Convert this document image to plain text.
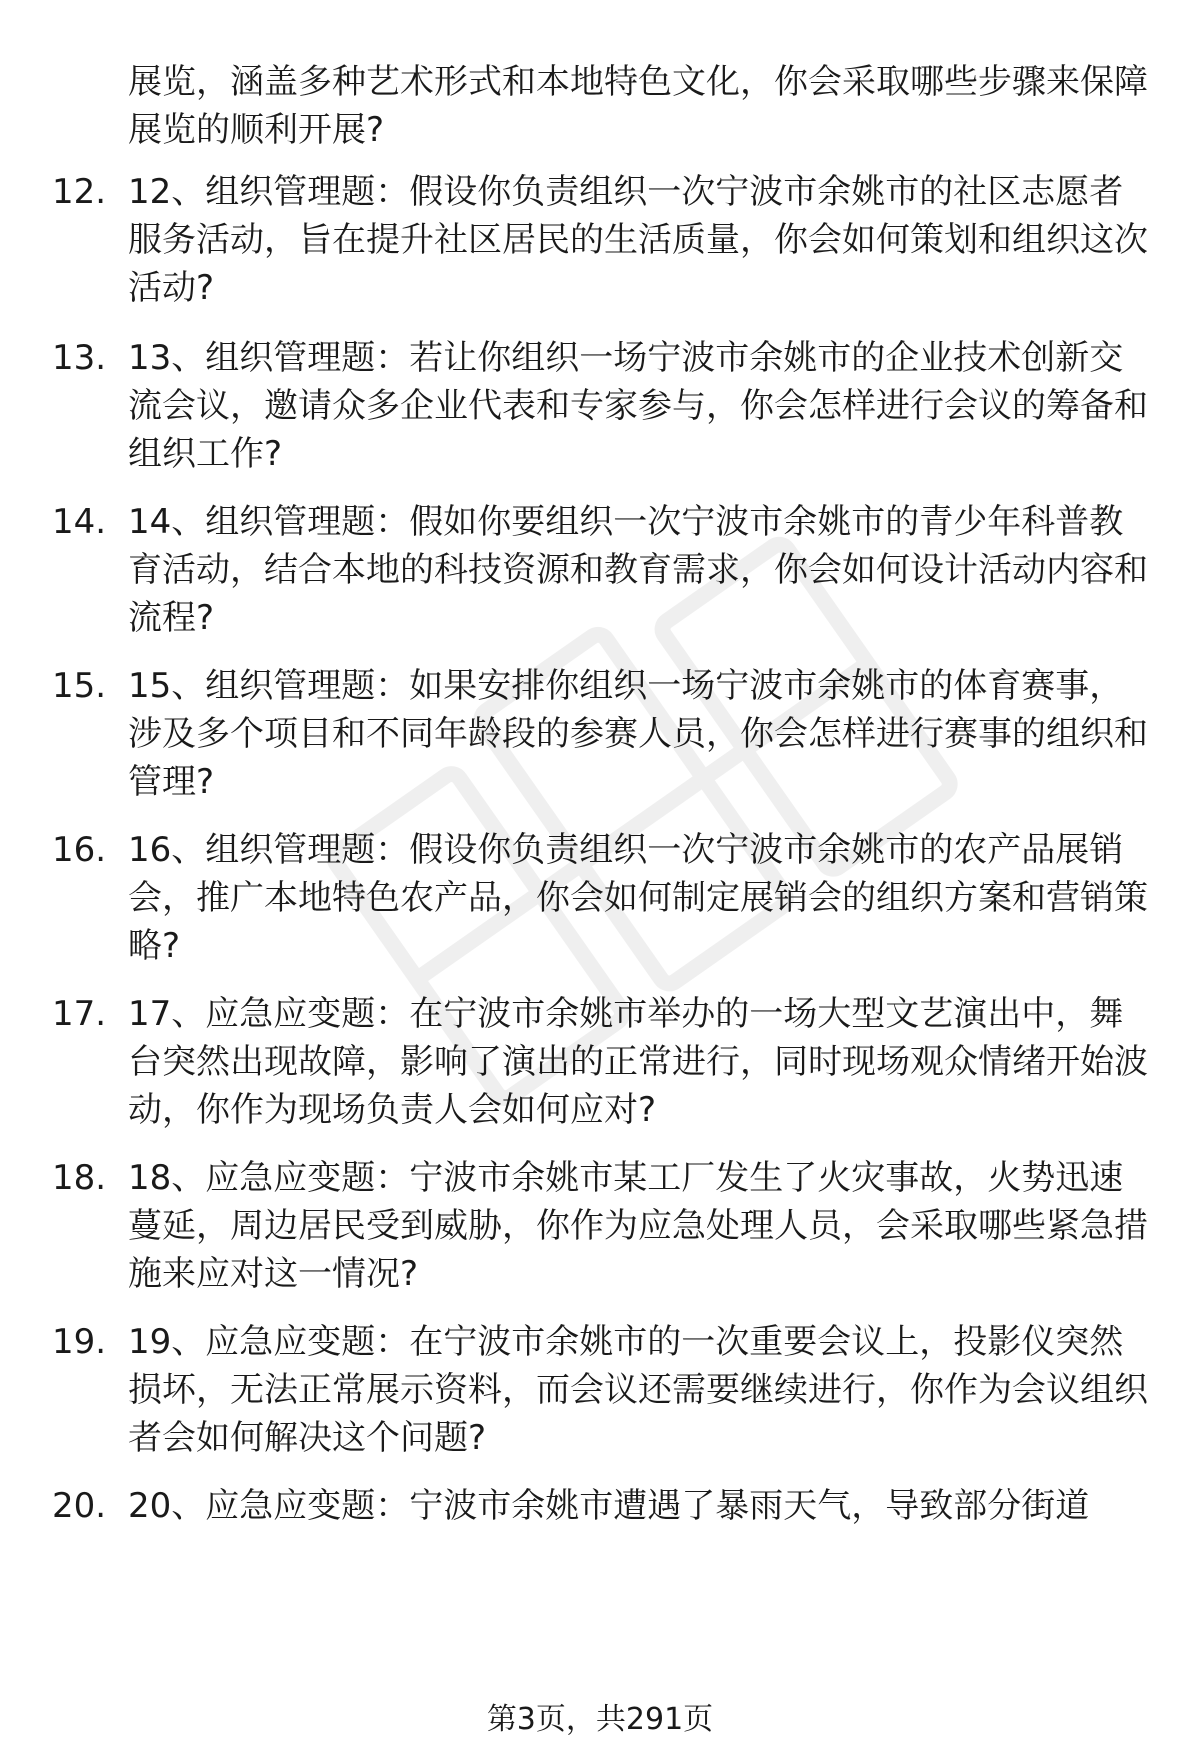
展览，涵盖多种艺术形式和本地特色文化，你会采取哪些步骤来保障展览的顺利开展?

12. 12、组织管理题：假设你负责组织一次宁波市余姚市的社区志愿者服务活动，旨在提升社区居民的生活质量，你会如何策划和组织这次活动?

13. 13、组织管理题：若让你组织一场宁波市余姚市的企业技术创新交流会议，邀请众多企业代表和专家参与，你会怎样进行会议的筹备和组织工作?

14. 14、组织管理题：假如你要组织一次宁波市余姚市的青少年科普教育活动，结合本地的科技资源和教育需求，你会如何设计活动内容和流程?

15. 15、组织管理题：如果安排你组织一场宁波市余姚市的体育赛事，涉及多个项目和不同年龄段的参赛人员，你会怎样进行赛事的组织和管理?

16. 16、组织管理题：假设你负责组织一次宁波市余姚市的农产品展销会，推广本地特色农产品，你会如何制定展销会的组织方案和营销策略?

17. 17、应急应变题：在宁波市余姚市举办的一场大型文艺演出中，舞台突然出现故障，影响了演出的正常进行，同时现场观众情绪开始波动，你作为现场负责人会如何应对?

18. 18、应急应变题：宁波市余姚市某工厂发生了火灾事故，火势迅速蔓延，周边居民受到威胁，你作为应急处理人员，会采取哪些紧急措施来应对这一情况?

19. 19、应急应变题：在宁波市余姚市的一次重要会议上，投影仪突然损坏，无法正常展示资料，而会议还需要继续进行，你作为会议组织者会如何解决这个问题?

20. 20、应急应变题：宁波市余姚市遭遇了暴雨天气，导致部分街道

第3页，共291页
